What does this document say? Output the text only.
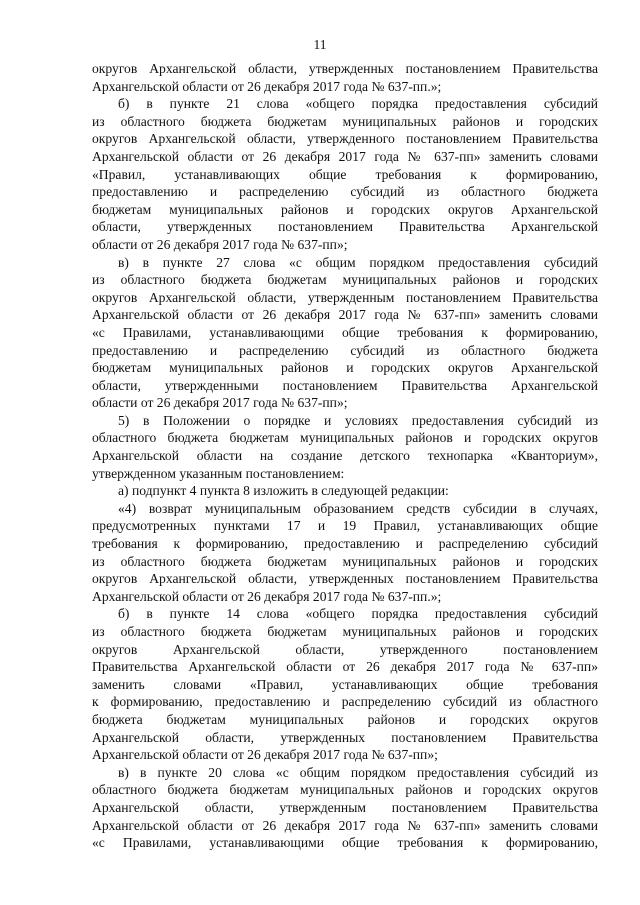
11
округов Архангельской области, утвержденных постановлением Правительства
Архангельской области от 26 декабря 2017 года № 637-пп.»;
б) в пункте 21 слова «общего порядка предоставления субсидий
из областного бюджета бюджетам муниципальных районов и городских
округов Архангельской области, утвержденного постановлением Правительства
Архангельской области от 26 декабря 2017 года № 637-пп» заменить словами
«Правил, устанавливающих общие требования к формированию,
предоставлению и распределению субсидий из областного бюджета
бюджетам муниципальных районов и городских округов Архангельской
области, утвержденных постановлением Правительства Архангельской
области от 26 декабря 2017 года № 637-пп»;
в) в пункте 27 слова «с общим порядком предоставления субсидий
из областного бюджета бюджетам муниципальных районов и городских
округов Архангельской области, утвержденным постановлением Правительства
Архангельской области от 26 декабря 2017 года № 637-пп» заменить словами
«с Правилами, устанавливающими общие требования к формированию,
предоставлению и распределению субсидий из областного бюджета
бюджетам муниципальных районов и городских округов Архангельской
области, утвержденными постановлением Правительства Архангельской
области от 26 декабря 2017 года № 637-пп»;
5) в Положении о порядке и условиях предоставления субсидий из
областного бюджета бюджетам муниципальных районов и городских округов
Архангельской области на создание детского технопарка «Кванториум»,
утвержденном указанным постановлением:
а) подпункт 4 пункта 8 изложить в следующей редакции:
«4) возврат муниципальным образованием средств субсидии в случаях,
предусмотренных пунктами 17 и 19 Правил, устанавливающих общие
требования к формированию, предоставлению и распределению субсидий
из областного бюджета бюджетам муниципальных районов и городских
округов Архангельской области, утвержденных постановлением Правительства
Архангельской области от 26 декабря 2017 года № 637-пп.»;
б) в пункте 14 слова «общего порядка предоставления субсидий
из областного бюджета бюджетам муниципальных районов и городских
округов Архангельской области, утвержденного постановлением
Правительства Архангельской области от 26 декабря 2017 года № 637-пп»
заменить словами «Правил, устанавливающих общие требования
к формированию, предоставлению и распределению субсидий из областного
бюджета бюджетам муниципальных районов и городских округов
Архангельской области, утвержденных постановлением Правительства
Архангельской области от 26 декабря 2017 года № 637-пп»;
в) в пункте 20 слова «с общим порядком предоставления субсидий из
областного бюджета бюджетам муниципальных районов и городских округов
Архангельской области, утвержденным постановлением Правительства
Архангельской области от 26 декабря 2017 года № 637-пп» заменить словами
«с Правилами, устанавливающими общие требования к формированию,
